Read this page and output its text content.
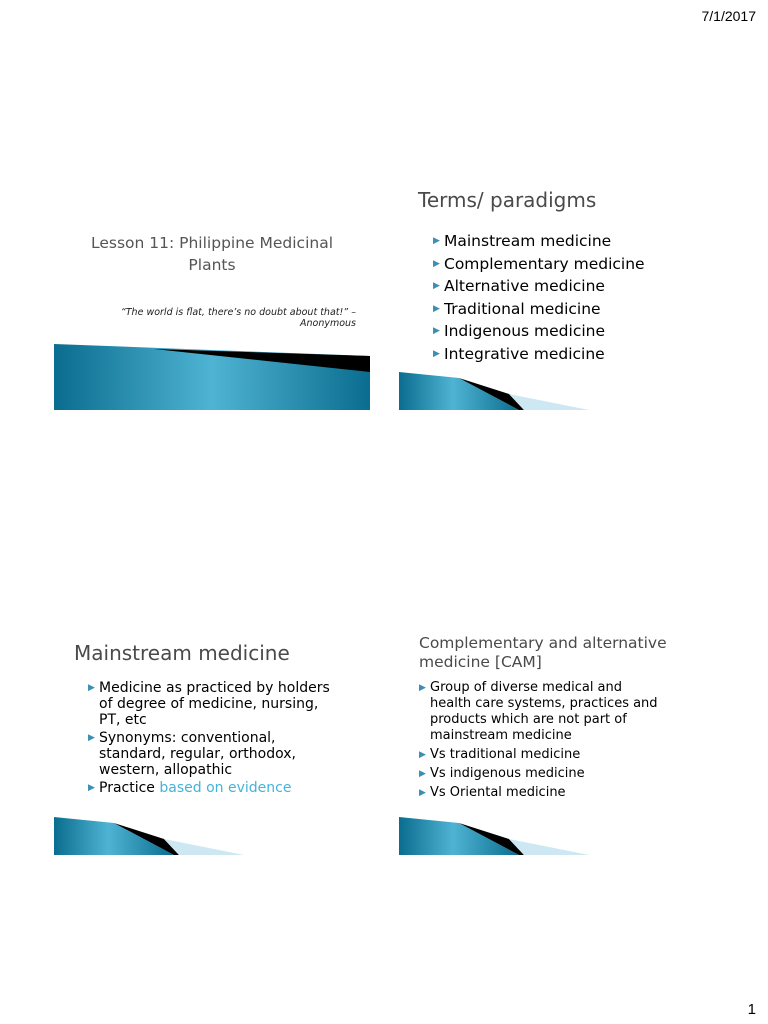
7/1/2017
Lesson 11: Philippine Medicinal
Plants
“The world is flat, there’s no doubt about that!” –
Anonymous
Terms/ paradigms
▶ Mainstream medicine
▶ Complementary medicine
▶ Alternative medicine
▶ Traditional medicine
▶ Indigenous medicine
▶ Integrative medicine
Mainstream medicine
▶ Medicine as practiced by holders
of degree of medicine, nursing,
PT, etc
▶ Synonyms: conventional,
standard, regular, orthodox,
western, allopathic
▶ Practice based on evidence
Complementary and alternative
medicine [CAM]
▶ Group of diverse medical and
health care systems, practices and
products which are not part of
mainstream medicine
▶ Vs traditional medicine
▶ Vs indigenous medicine
▶ Vs Oriental medicine
1
